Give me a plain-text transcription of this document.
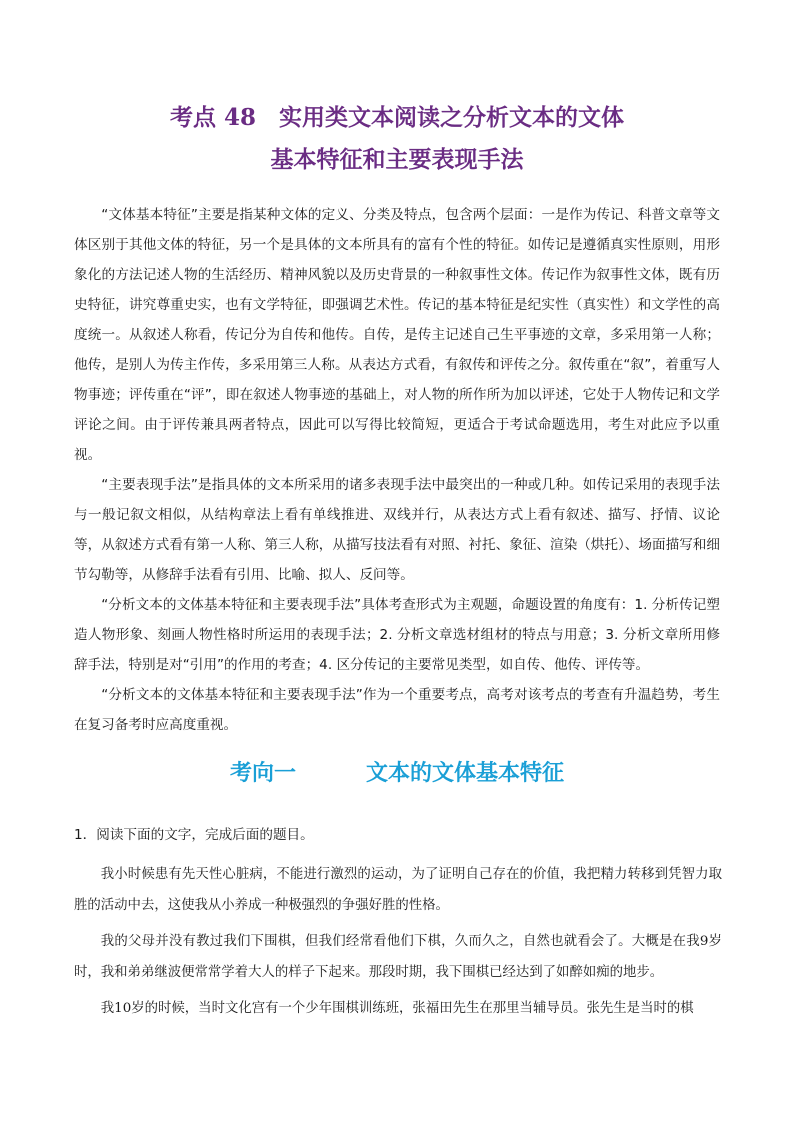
考点 48　实用类文本阅读之分析文本的文体
基本特征和主要表现手法

“文体基本特征”主要是指某种文体的定义、分类及特点，包含两个层面：一是作为传记、科普文章等文体区别于其他文体的特征，另一个是具体的文本所具有的富有个性的特征。如传记是遵循真实性原则，用形象化的方法记述人物的生活经历、精神风貌以及历史背景的一种叙事性文体。传记作为叙事性文体，既有历史特征，讲究尊重史实，也有文学特征，即强调艺术性。传记的基本特征是纪实性（真实性）和文学性的高度统一。从叙述人称看，传记分为自传和他传。自传，是传主记述自己生平事迹的文章，多采用第一人称；他传，是别人为传主作传，多采用第三人称。从表达方式看，有叙传和评传之分。叙传重在“叙”，着重写人物事迹；评传重在“评”，即在叙述人物事迹的基础上，对人物的所作所为加以评述，它处于人物传记和文学评论之间。由于评传兼具两者特点，因此可以写得比较简短，更适合于考试命题选用，考生对此应予以重视。

“主要表现手法”是指具体的文本所采用的诸多表现手法中最突出的一种或几种。如传记采用的表现手法与一般记叙文相似，从结构章法上看有单线推进、双线并行，从表达方式上看有叙述、描写、抒情、议论等，从叙述方式看有第一人称、第三人称，从描写技法看有对照、衬托、象征、渲染（烘托）、场面描写和细节勾勒等，从修辞手法看有引用、比喻、拟人、反问等。

“分析文本的文体基本特征和主要表现手法”具体考查形式为主观题，命题设置的角度有：1. 分析传记塑造人物形象、刻画人物性格时所运用的表现手法；2. 分析文章选材组材的特点与用意；3. 分析文章所用修辞手法，特别是对“引用”的作用的考查；4. 区分传记的主要常见类型，如自传、他传、评传等。

“分析文本的文体基本特征和主要表现手法”作为一个重要考点，高考对该考点的考查有升温趋势，考生在复习备考时应高度重视。

考向一	文本的文体基本特征
1．阅读下面的文字，完成后面的题目。

我小时候患有先天性心脏病，不能进行激烈的运动，为了证明自己存在的价值，我把精力转移到凭智力取胜的活动中去，这使我从小养成一种极强烈的争强好胜的性格。

我的父母并没有教过我们下围棋，但我们经常看他们下棋，久而久之，自然也就看会了。大概是在我9岁时，我和弟弟继波便常常学着大人的样子下起来。那段时期，我下围棋已经达到了如醉如痴的地步。

我10岁的时候，当时文化宫有一个少年围棋训练班，张福田先生在那里当辅导员。张先生是当时的棋
